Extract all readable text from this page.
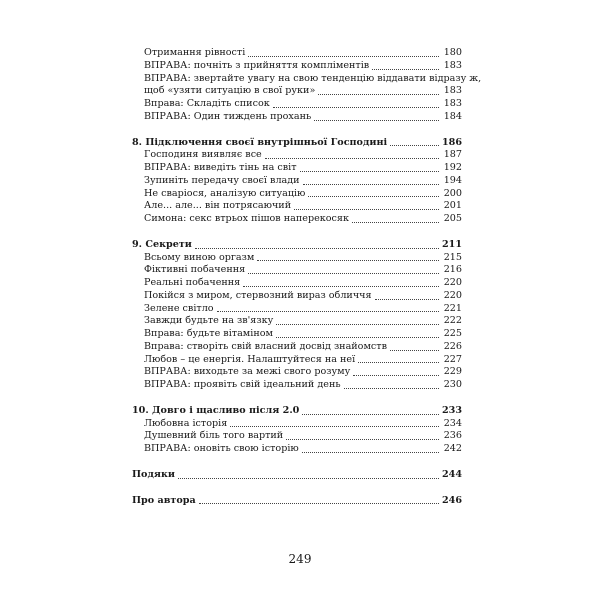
Отримання рівності	180
ВПРАВА: почніть з прийняття компліментів	183
ВПРАВА: звертайте увагу на свою тенденцію віддавати відразу ж,
щоб «узяти ситуацію в свої руки»	183
Вправа: Складіть список	183
ВПРАВА: Один тиждень прохань	184
8. Підключення своєї внутрішньої Господині	186
Господиня виявляє все	187
ВПРАВА: виведіть тінь на світ	192
Зупиніть передачу своєї влади	194
Не сваріося, аналізую ситуацію	200
Але... але... він потрясаючий	201
Симона: секс втрьох пішов наперекосяк	205
9. Секрети	211
Всьому виною оргазм	215
Фіктивні побачення	216
Реальні побачення	220
Покійся з миром, стервозний вираз обличчя	220
Зелене світло	221
Завжди будьте на зв'язку	222
Вправа: будьте вітаміном	225
Вправа: створіть свій власний досвід знайомств	226
Любов – це енергія. Налаштуйтеся на неї	227
ВПРАВА: виходьте за межі свого розуму	229
ВПРАВА: проявіть свій ідеальний день	230
10. Довго і щасливо після 2.0	233
Любовна історія	234
Душевний біль того вартий	236
ВПРАВА: оновіть свою історію	242
Подяки	244
Про автора	246
249
